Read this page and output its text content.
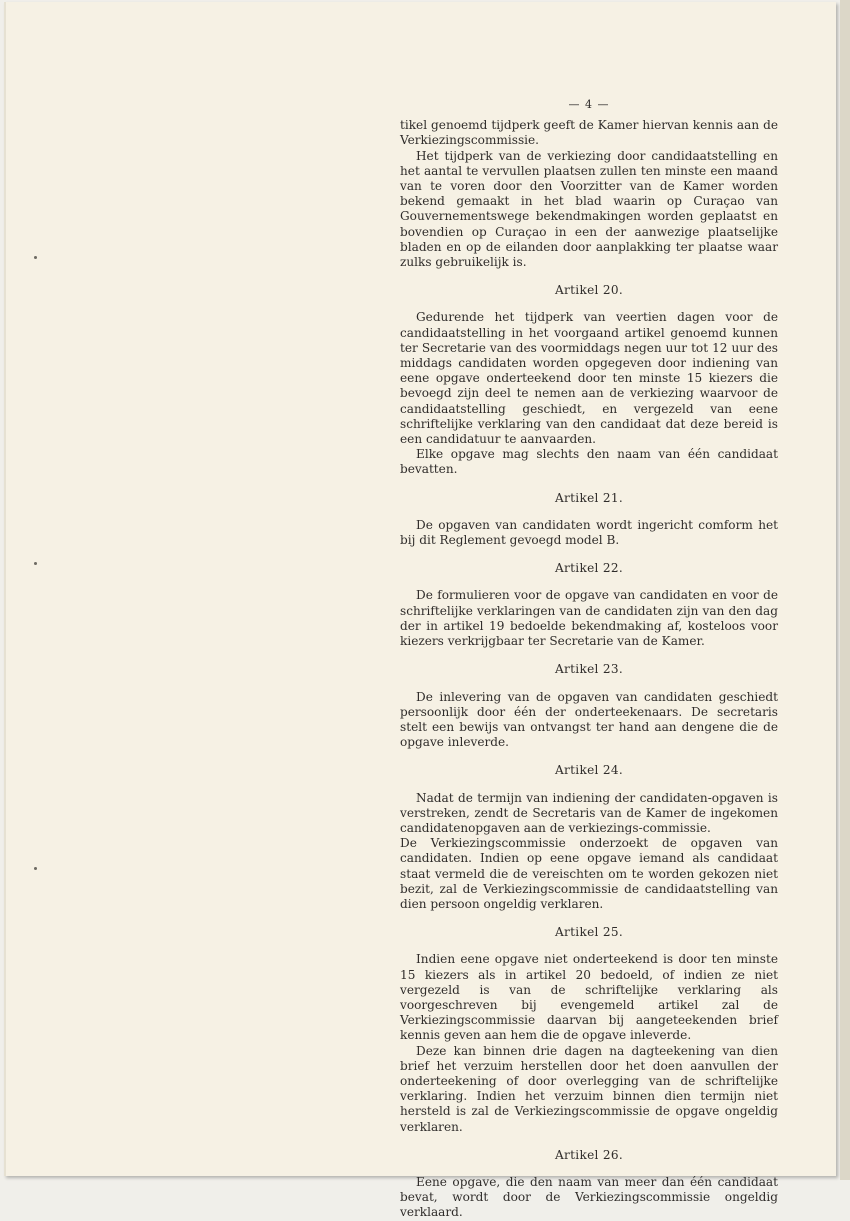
— 4 —

tikel genoemd tijdperk geeft de Kamer hiervan kennis aan de Verkiezingscommissie.

Het tijdperk van de verkiezing door candidaatstelling en het aantal te vervullen plaatsen zullen ten minste een maand van te voren door den Voorzitter van de Kamer worden bekend gemaakt in het blad waarin op Curaçao van Gouvernementswege bekendmakingen worden geplaatst en bovendien op Curaçao in een der aanwezige plaatselijke bladen en op de eilanden door aanplakking ter plaatse waar zulks gebruikelijk is.

Artikel 20.

Gedurende het tijdperk van veertien dagen voor de candidaatstelling in het voorgaand artikel genoemd kunnen ter Secretarie van des voormiddags negen uur tot 12 uur des middags candidaten worden opgegeven door indiening van eene opgave onderteekend door ten minste 15 kiezers die bevoegd zijn deel te nemen aan de verkiezing waarvoor de candidaatstelling geschiedt, en vergezeld van eene schriftelijke verklaring van den candidaat dat deze bereid is een candidatuur te aanvaarden.

Elke opgave mag slechts den naam van één candidaat bevatten.

Artikel 21.

De opgaven van candidaten wordt ingericht comform het bij dit Reglement gevoegd model B.

Artikel 22.

De formulieren voor de opgave van candidaten en voor de schriftelijke verklaringen van de candidaten zijn van den dag der in artikel 19 bedoelde bekendmaking af, kosteloos voor kiezers verkrijgbaar ter Secretarie van de Kamer.

Artikel 23.

De inlevering van de opgaven van candidaten geschiedt persoonlijk door één der onderteekenaars. De secretaris stelt een bewijs van ontvangst ter hand aan dengene die de opgave inleverde.

Artikel 24.

Nadat de termijn van indiening der candidaten-opgaven is verstreken, zendt de Secretaris van de Kamer de ingekomen candidatenopgaven aan de verkiezings-commissie.

De Verkiezingscommissie onderzoekt de opgaven van candidaten. Indien op eene opgave iemand als candidaat staat vermeld die de vereischten om te worden gekozen niet bezit, zal de Verkiezingscommissie de candidaatstelling van dien persoon ongeldig verklaren.

Artikel 25.

Indien eene opgave niet onderteekend is door ten minste 15 kiezers als in artikel 20 bedoeld, of indien ze niet vergezeld is van de schriftelijke verklaring als voorgeschreven bij evengemeld artikel zal de Verkiezingscommissie daarvan bij aangeteekenden brief kennis geven aan hem die de opgave inleverde.

Deze kan binnen drie dagen na dagteekening van dien brief het verzuim herstellen door het doen aanvullen der onderteekening of door overlegging van de schriftelijke verklaring. Indien het verzuim binnen dien termijn niet hersteld is zal de Verkiezingscommissie de opgave ongeldig verklaren.

Artikel 26.

Eene opgave, die den naam van meer dan één candidaat bevat, wordt door de Verkiezingscommissie ongeldig verklaard.
